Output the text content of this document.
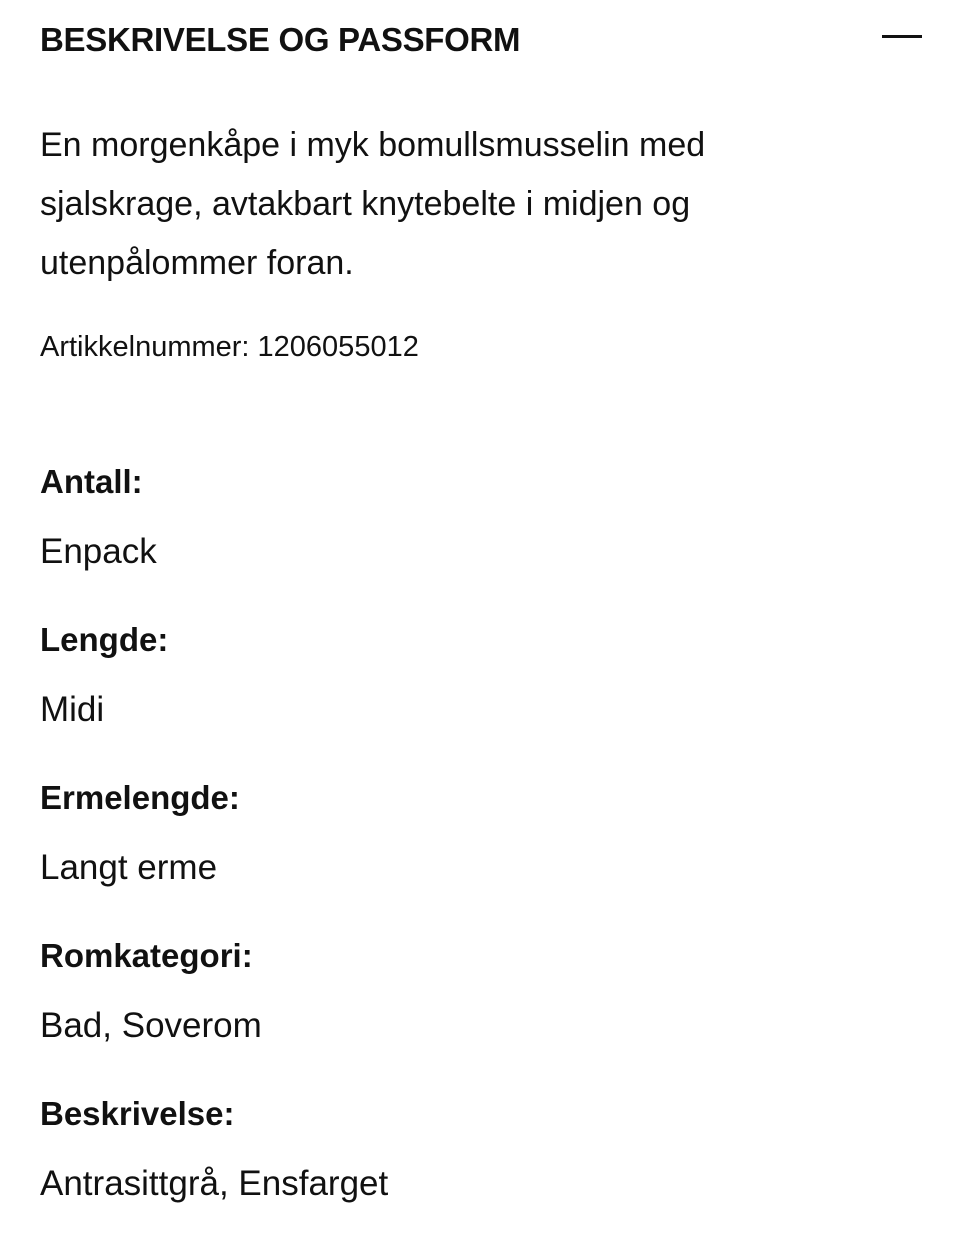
BESKRIVELSE OG PASSFORM

En morgenkåpe i myk bomullsmusselin med sjalskrage, avtakbart knytebelte i midjen og utenpålommer foran.

Artikkelnummer: 1206055012

Antall:
Enpack
Lengde:
Midi
Ermelengde:
Langt erme
Romkategori:
Bad, Soverom
Beskrivelse:
Antrasittgrå, Ensfarget
